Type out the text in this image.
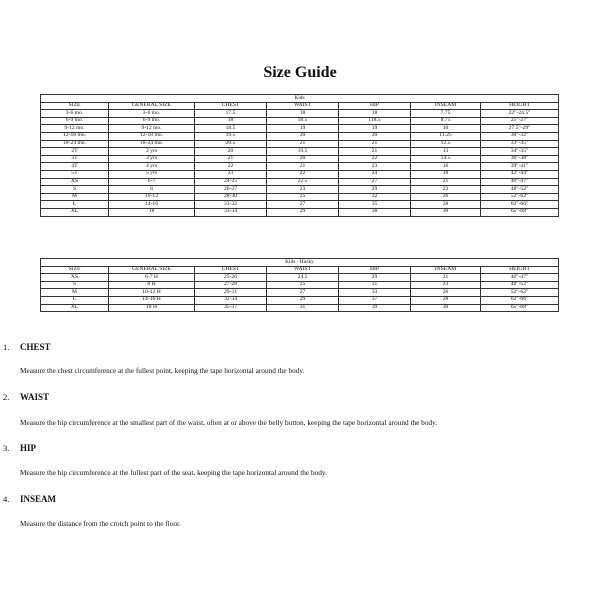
Size Guide
Kids
SIZE	GENERAL SIZE	CHEST	WAIST	HIP	INSEAM	HEIGHT
3-6 mo.	3-6 mo.	17.5	18	18	7.75	22"-24.5"
6-9 mo.	6-9 mo.	18	18.5	118.5	8.75	25"-27"
9-12 mo.	9-12 mo.	18.5	19	19	10	27.5"-29"
12-18 mo.	12-18 mo.	19.5	20	20	11.25	30"-32"
18-24 mo.	18-24 mo.	20.5	21	21	12.5	33"-35"
2T	2 yrs	20	19.5	21	13	34"-35"
3T	3 yrs	21	20	22	14.5	36"-38"
4T	4 yrs	22	21	23	16	39"-41"
5T	5 yrs	23	22	24	18	42"-44"
XS	6-7	24-25	22.5	27	21	40"-47"
S	8	26-27	23	29	23	48"-52"
M	10-12	28-30	25	32	26	52"-62"
L	14-16	31-32	27	35	28	62"-66"
XL	18	33-34	29	38	30	65"-68"
Kids - Husky
SIZE	GENERAL SIZE	CHEST	WAIST	HIP	INSEAM	HEIGHT
XS	6-7 H	25-26	24.5	29	21	40"-47"
S	8 H	27-28	25	31	23	48"-52"
M	10-12 H	29-31	27	33	26	52"-62"
L	14-16 H	32-34	29	37	28	62"-66"
XL	18 H	35-37	31	39	30	65"-68"
1. CHEST
Measure the chest circumference at the fullest point, keeping the tape horizontal around the body.
2. WAIST
Measure the hip circumference at the smallest part of the waist, often at or above the belly button, keeping the tape horizontal around the body.
3. HIP
Measure the hip circumference at the fullest part of the seat, keeping the tape horizontal around the body.
4. INSEAM
Measure the distance from the crotch point to the floor.
